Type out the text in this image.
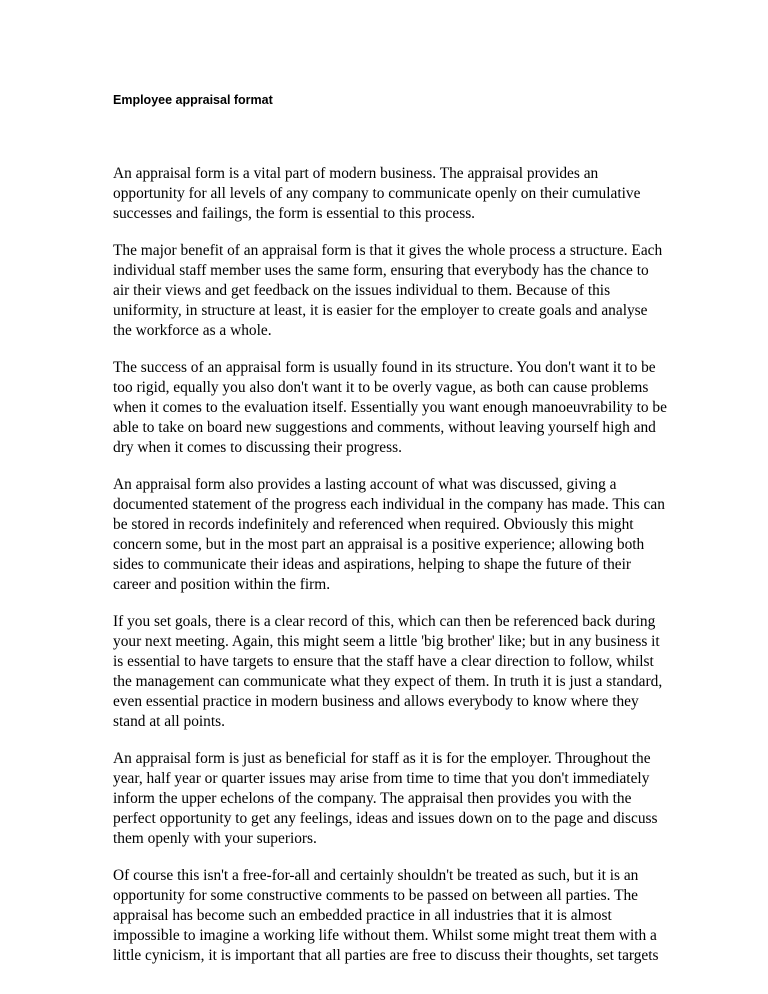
Employee appraisal format

An appraisal form is a vital part of modern business. The appraisal provides an
opportunity for all levels of any company to communicate openly on their cumulative
successes and failings, the form is essential to this process.

The major benefit of an appraisal form is that it gives the whole process a structure. Each
individual staff member uses the same form, ensuring that everybody has the chance to
air their views and get feedback on the issues individual to them. Because of this
uniformity, in structure at least, it is easier for the employer to create goals and analyse
the workforce as a whole.

The success of an appraisal form is usually found in its structure. You don't want it to be
too rigid, equally you also don't want it to be overly vague, as both can cause problems
when it comes to the evaluation itself. Essentially you want enough manoeuvrability to be
able to take on board new suggestions and comments, without leaving yourself high and
dry when it comes to discussing their progress.

An appraisal form also provides a lasting account of what was discussed, giving a
documented statement of the progress each individual in the company has made. This can
be stored in records indefinitely and referenced when required. Obviously this might
concern some, but in the most part an appraisal is a positive experience; allowing both
sides to communicate their ideas and aspirations, helping to shape the future of their
career and position within the firm.

If you set goals, there is a clear record of this, which can then be referenced back during
your next meeting. Again, this might seem a little 'big brother' like; but in any business it
is essential to have targets to ensure that the staff have a clear direction to follow, whilst
the management can communicate what they expect of them. In truth it is just a standard,
even essential practice in modern business and allows everybody to know where they
stand at all points.

An appraisal form is just as beneficial for staff as it is for the employer. Throughout the
year, half year or quarter issues may arise from time to time that you don't immediately
inform the upper echelons of the company. The appraisal then provides you with the
perfect opportunity to get any feelings, ideas and issues down on to the page and discuss
them openly with your superiors.

Of course this isn't a free-for-all and certainly shouldn't be treated as such, but it is an
opportunity for some constructive comments to be passed on between all parties. The
appraisal has become such an embedded practice in all industries that it is almost
impossible to imagine a working life without them. Whilst some might treat them with a
little cynicism, it is important that all parties are free to discuss their thoughts, set targets
